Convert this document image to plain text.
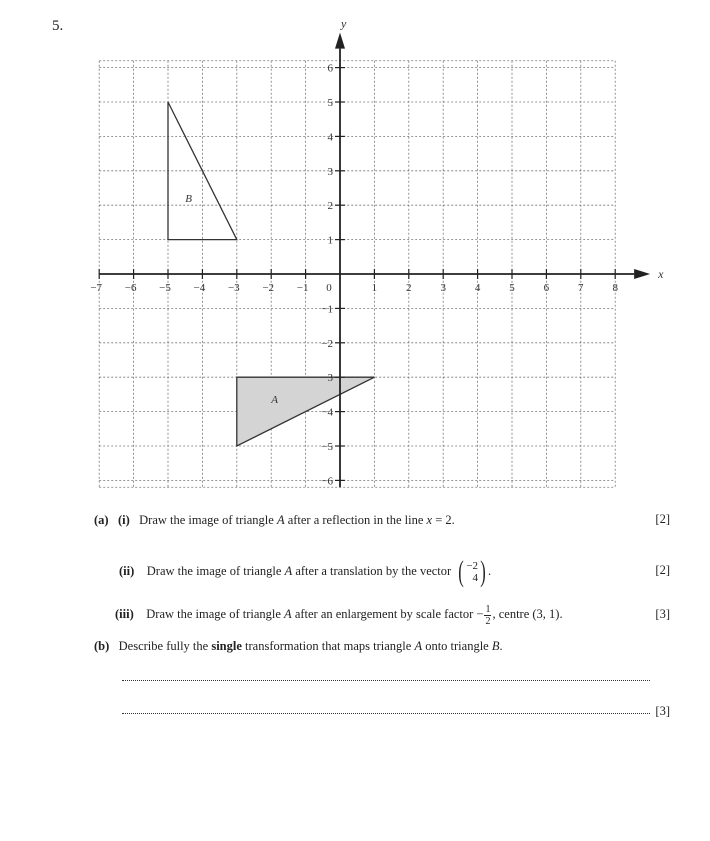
5.
−7 −6 −5 −4 −3 −2 −1	1	2	3	4	5	6	7	8
6
5
4
3
2
1
−1
−2
−3
−4
−5
−6
0
x
y
A
B
(a) (i) Draw the image of triangle A after a reflection in the line x = 2.	[2]
(ii) Draw the image of triangle A after a translation by the vector ( −2
4 ) .	[2]
(iii) Draw the image of triangle A after an enlargement by scale factor − $\frac{1}{2}$ , centre (3, 1).	[3]
(b) Describe fully the single transformation that maps triangle A onto triangle B.
[3]
